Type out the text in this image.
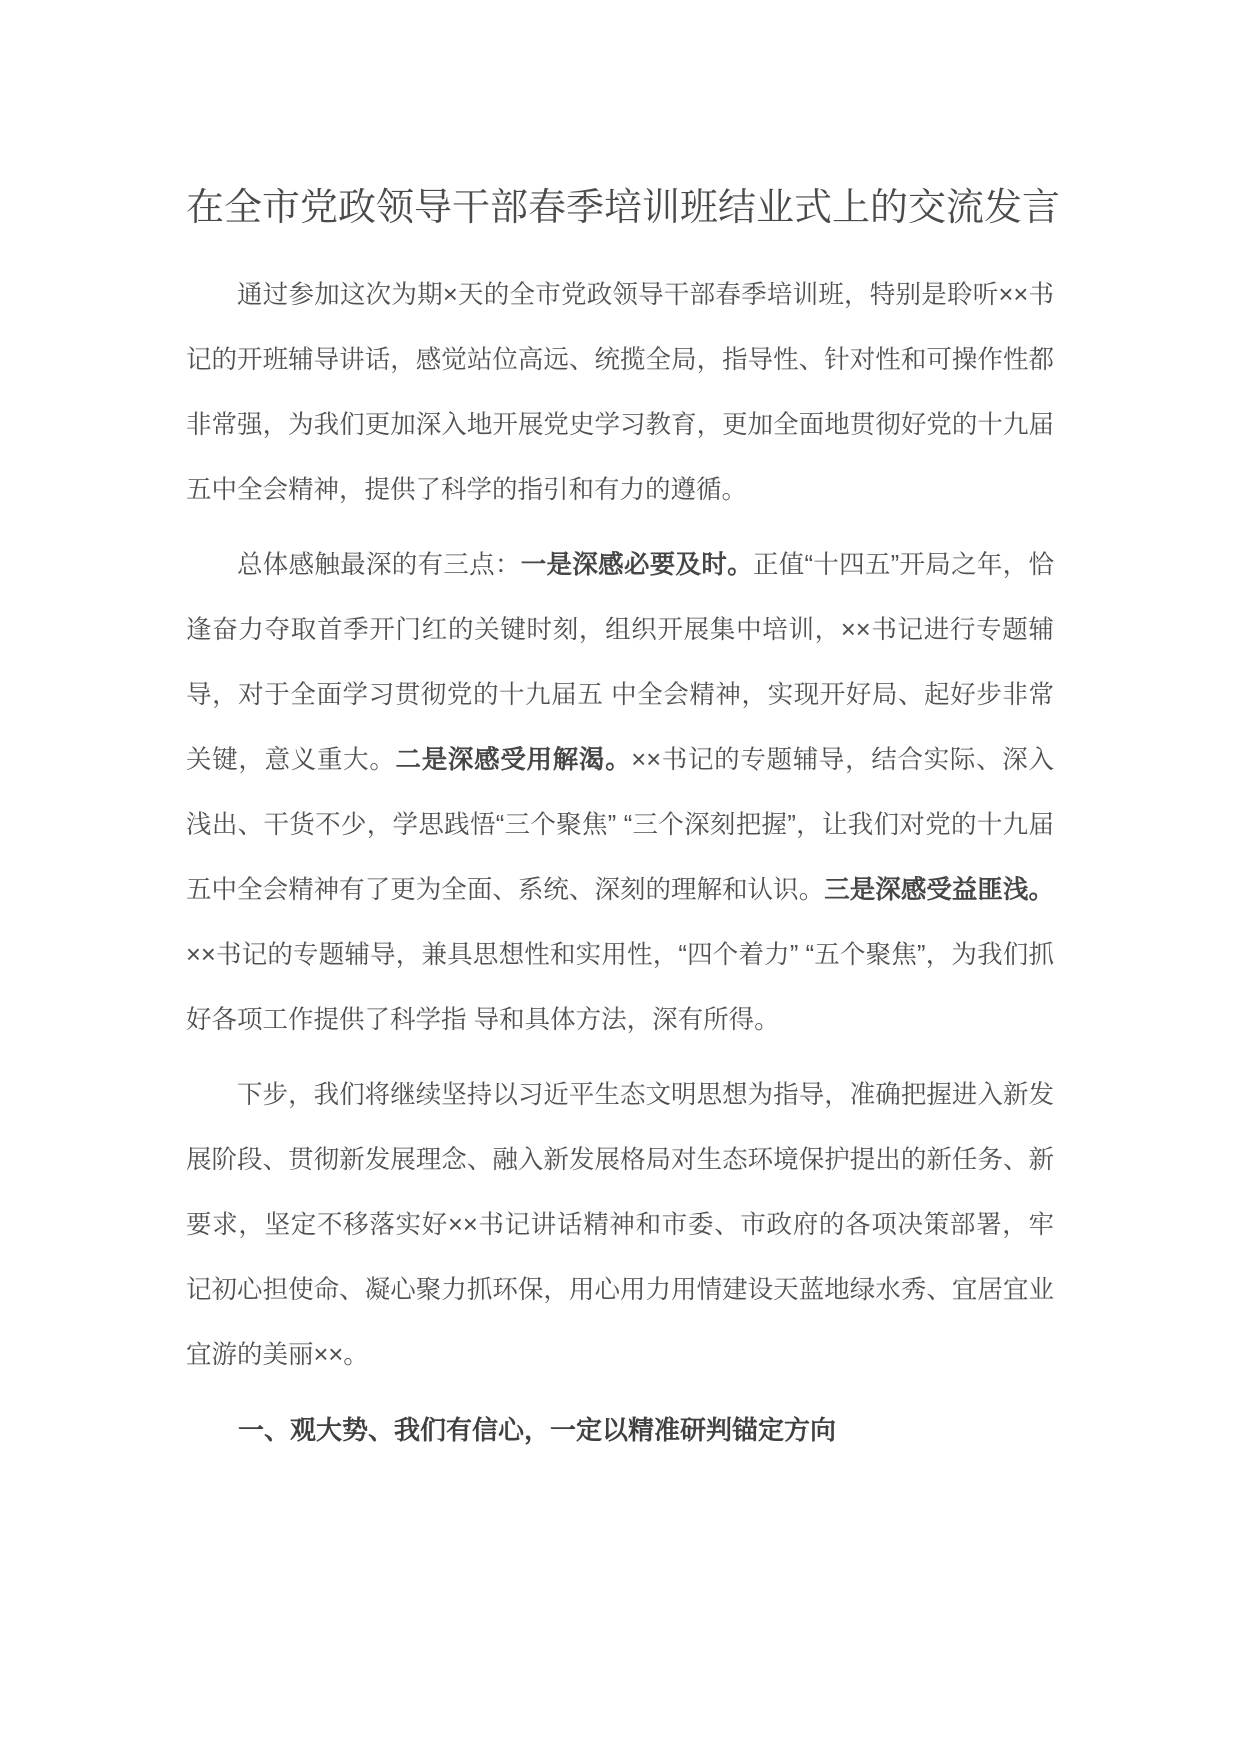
在全市党政领导干部春季培训班结业式上的交流发言

通过参加这次为期×天的全市党政领导干部春季培训班，特别是聆听××书记的开班辅导讲话，感觉站位高远、统揽全局，指导性、针对性和可操作性都非常强，为我们更加深入地开展党史学习教育，更加全面地贯彻好党的十九届五中全会精神，提供了科学的指引和有力的遵循。

总体感触最深的有三点：一是深感必要及时。正值“十四五”开局之年，恰逢奋力夺取首季开门红的关键时刻，组织开展集中培训，××书记进行专题辅导，对于全面学习贯彻党的十九届五 中全会精神，实现开好局、起好步非常关键，意义重大。二是深感受用解渴。××书记的专题辅导，结合实际、深入浅出、干货不少，学思践悟“三个聚焦” “三个深刻把握”，让我们对党的十九届五中全会精神有了更为全面、系统、深刻的理解和认识。三是深感受益匪浅。××书记的专题辅导，兼具思想性和实用性，“四个着力” “五个聚焦”，为我们抓好各项工作提供了科学指 导和具体方法，深有所得。

下步，我们将继续坚持以习近平生态文明思想为指导，准确把握进入新发展阶段、贯彻新发展理念、融入新发展格局对生态环境保护提出的新任务、新要求，坚定不移落实好××书记讲话精神和市委、市政府的各项决策部署，牢记初心担使命、凝心聚力抓环保，用心用力用情建设天蓝地绿水秀、宜居宜业宜游的美丽××。

一、观大势、我们有信心，一定以精准研判锚定方向
